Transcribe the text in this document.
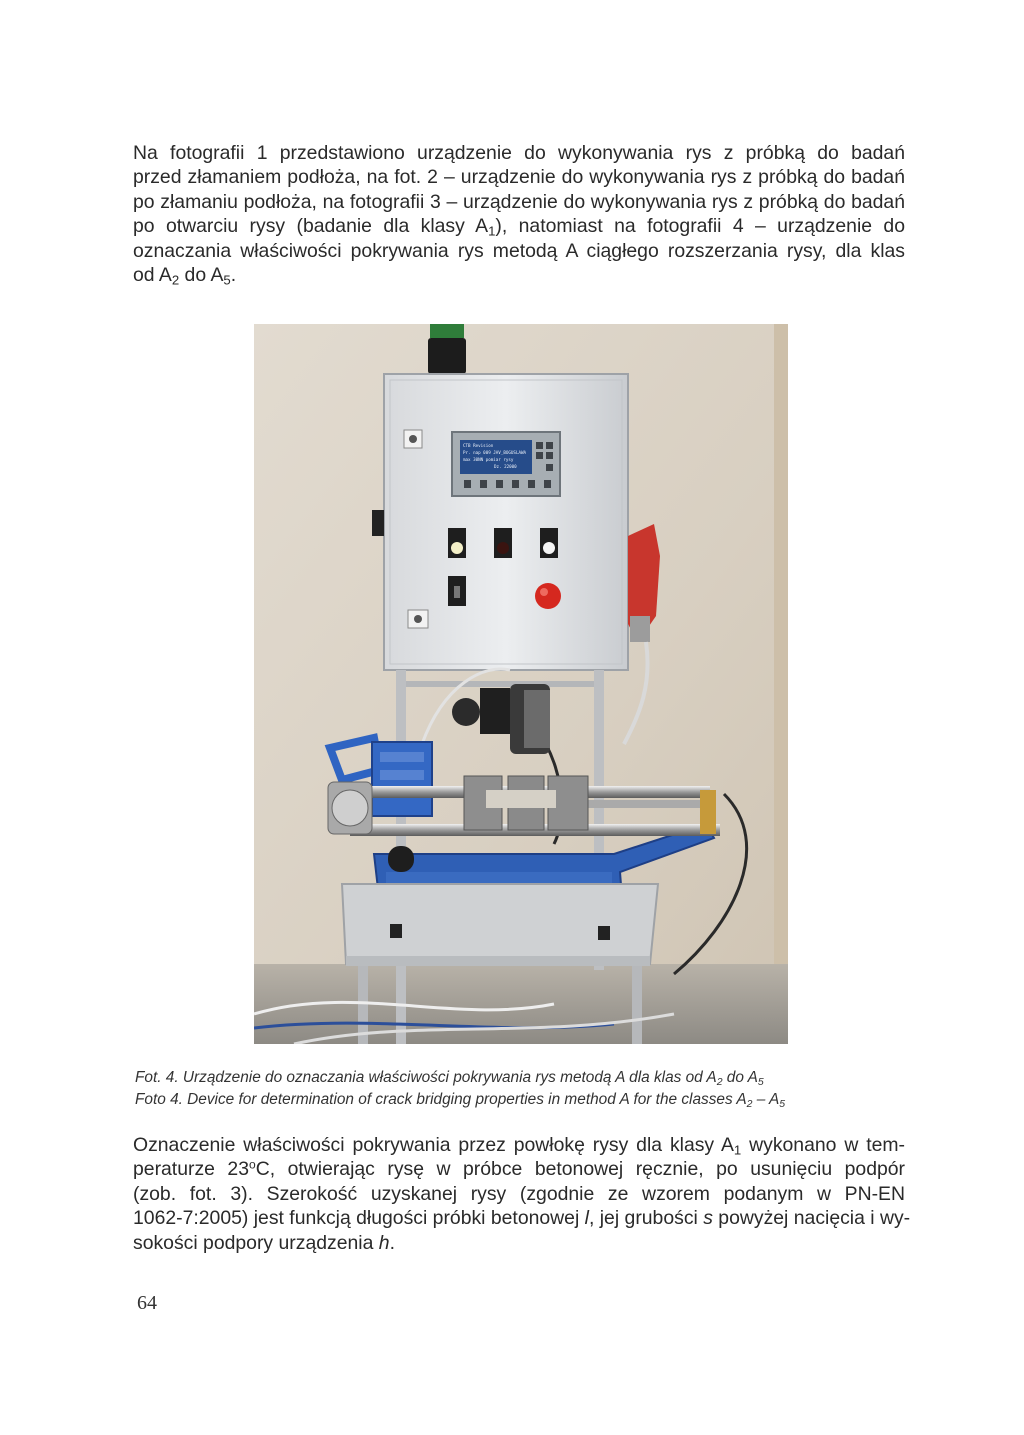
Na fotografii 1 przedstawiono urządzenie do wykonywania rys z próbką do badań
przed złamaniem podłoża, na fot. 2 – urządzenie do wykonywania rys z próbką do badań
po złamaniu podłoża, na fotografii 3 – urządzenie do wykonywania rys z próbką do badań
po otwarciu rysy (badanie dla klasy $A_1$), natomiast na fotografii 4 – urządzenie do
oznaczania właściwości pokrywania rys metodą A ciągłego rozszerzania rysy, dla klas
od $A_2$ do $A_5$.

CTB Revision
Pr. nap 009 JAV_BOGUSLAWA
max 30NN pomiar rysy
Dz. 22000

Fot. 4. Urządzenie do oznaczania właściwości pokrywania rys metodą A dla klas od $A_2$ do $A_5$

Foto 4. Device for determination of crack bridging properties in method A for the classes $A_2 - A_5$

Oznaczenie właściwości pokrywania przez powłokę rysy dla klasy $A_1$ wykonano w tem-
peraturze 23$^o$C, otwierając rysę w próbce betonowej ręcznie, po usunięciu podpór
(zob. fot. 3). Szerokość uzyskanej rysy (zgodnie ze wzorem podanym w PN-EN
1062-7:2005) jest funkcją długości próbki betonowej l, jej grubości s powyżej nacięcia i wy-
sokości podpory urządzenia h.

64
